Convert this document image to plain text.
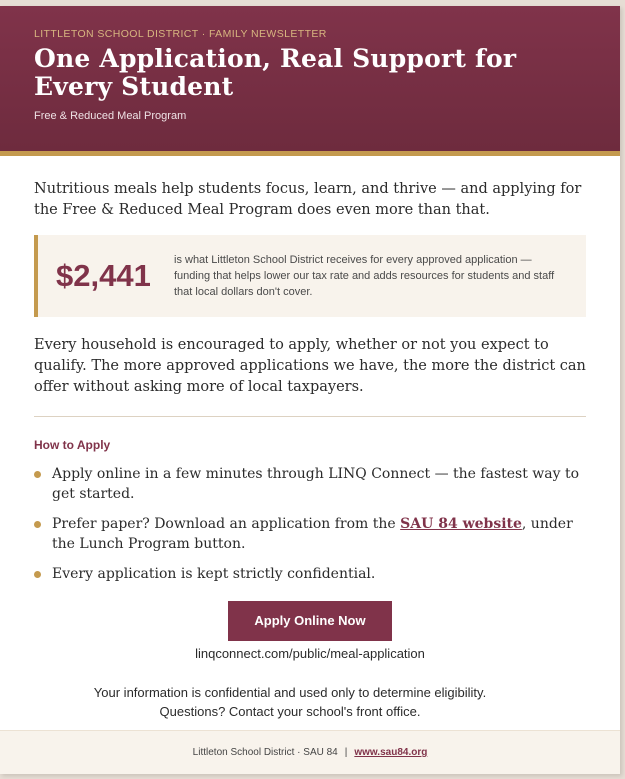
LITTLETON SCHOOL DISTRICT · FAMILY NEWSLETTER
One Application, Real Support for Every Student
Free & Reduced Meal Program

Nutritious meals help students focus, learn, and thrive — and applying for the Free & Reduced Meal Program does even more than that.

$2,441	is what Littleton School District receives for every approved application — funding that helps lower our tax rate and adds resources for students and staff that local dollars don't cover.

Every household is encouraged to apply, whether or not you expect to qualify. The more approved applications we have, the more the district can offer without asking more of local taxpayers.

How to Apply
Apply online in a few minutes through LINQ Connect — the fastest way to get started.
Prefer paper? Download an application from the SAU 84 website, under the Lunch Program button.
Every application is kept strictly confidential.
Apply Online Now
linqconnect.com/public/meal-application

Your information is confidential and used only to determine eligibility. Questions? Contact your school's front office.

Littleton School District · SAU 84 | www.sau84.org
